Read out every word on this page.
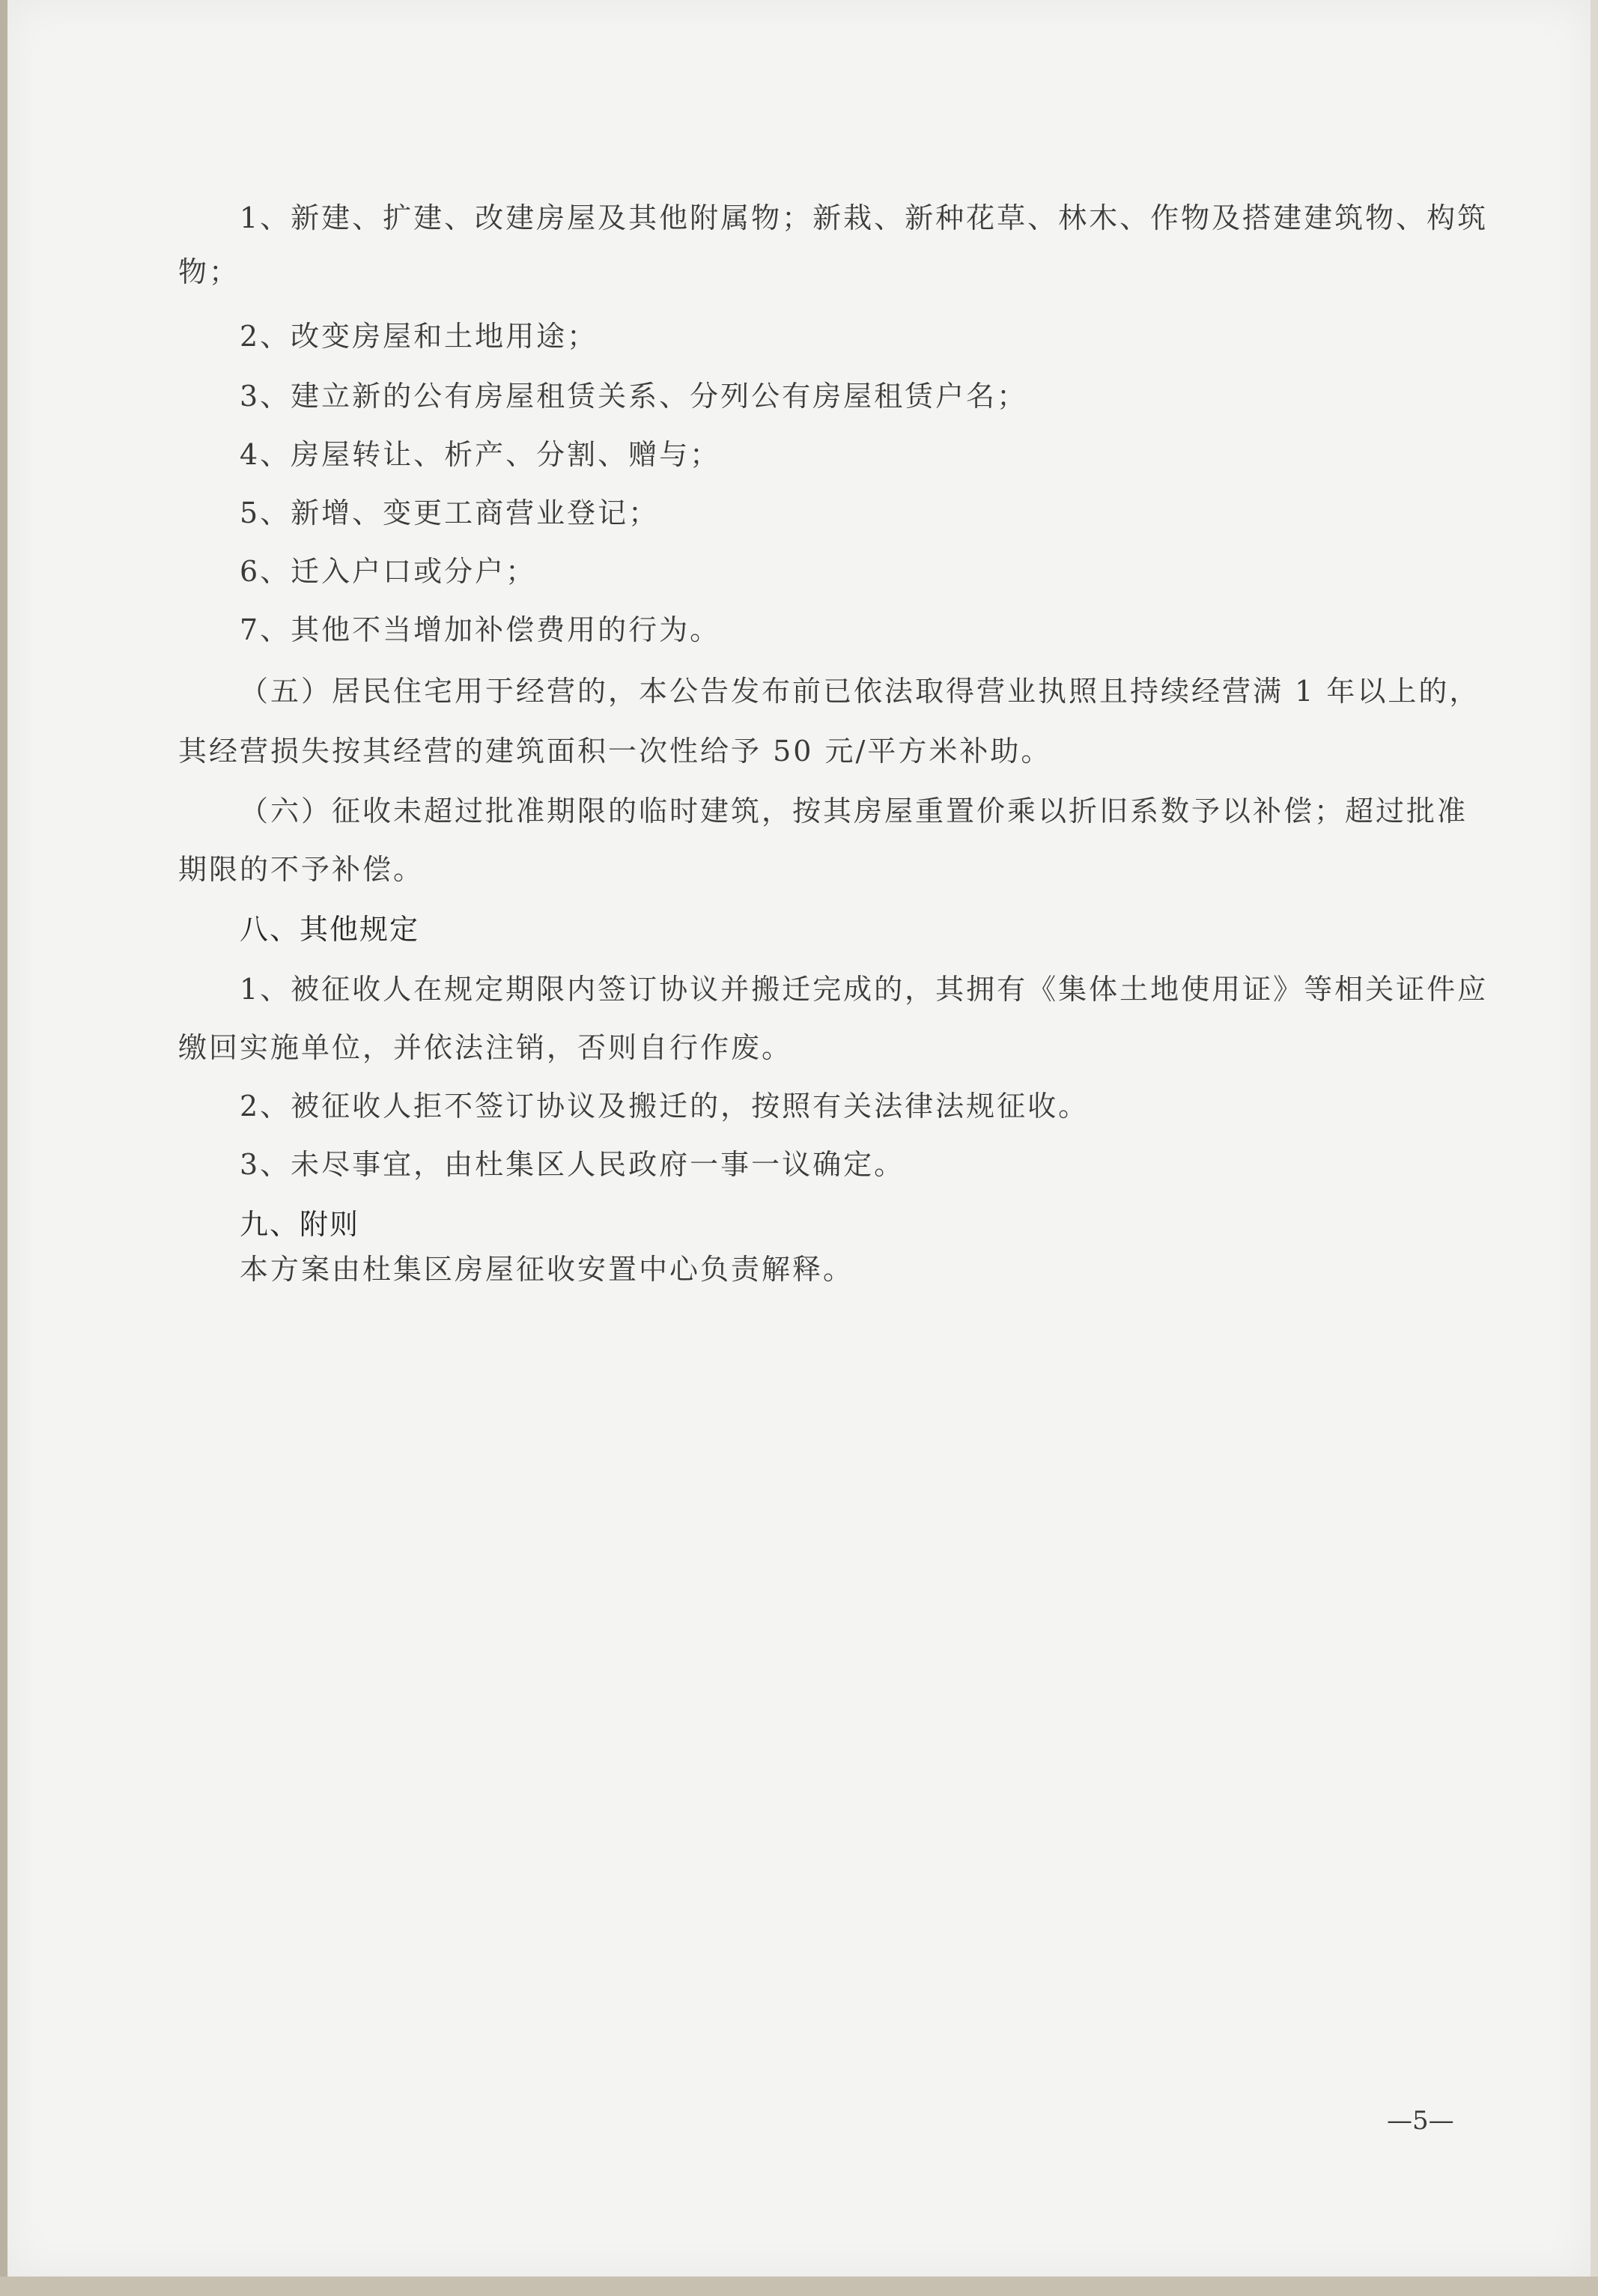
1、新建、扩建、改建房屋及其他附属物；新栽、新种花草、林木、作物及搭建建筑物、构筑

物；

2、改变房屋和土地用途；

3、建立新的公有房屋租赁关系、分列公有房屋租赁户名；

4、房屋转让、析产、分割、赠与；

5、新增、变更工商营业登记；

6、迁入户口或分户；

7、其他不当增加补偿费用的行为。

（五）居民住宅用于经营的，本公告发布前已依法取得营业执照且持续经营满 1 年以上的，

其经营损失按其经营的建筑面积一次性给予 50 元/平方米补助。

（六）征收未超过批准期限的临时建筑，按其房屋重置价乘以折旧系数予以补偿；超过批准

期限的不予补偿。

八、其他规定

1、被征收人在规定期限内签订协议并搬迁完成的，其拥有《集体土地使用证》等相关证件应

缴回实施单位，并依法注销，否则自行作废。

2、被征收人拒不签订协议及搬迁的，按照有关法律法规征收。

3、未尽事宜，由杜集区人民政府一事一议确定。

九、附则

本方案由杜集区房屋征收安置中心负责解释。

—5—
